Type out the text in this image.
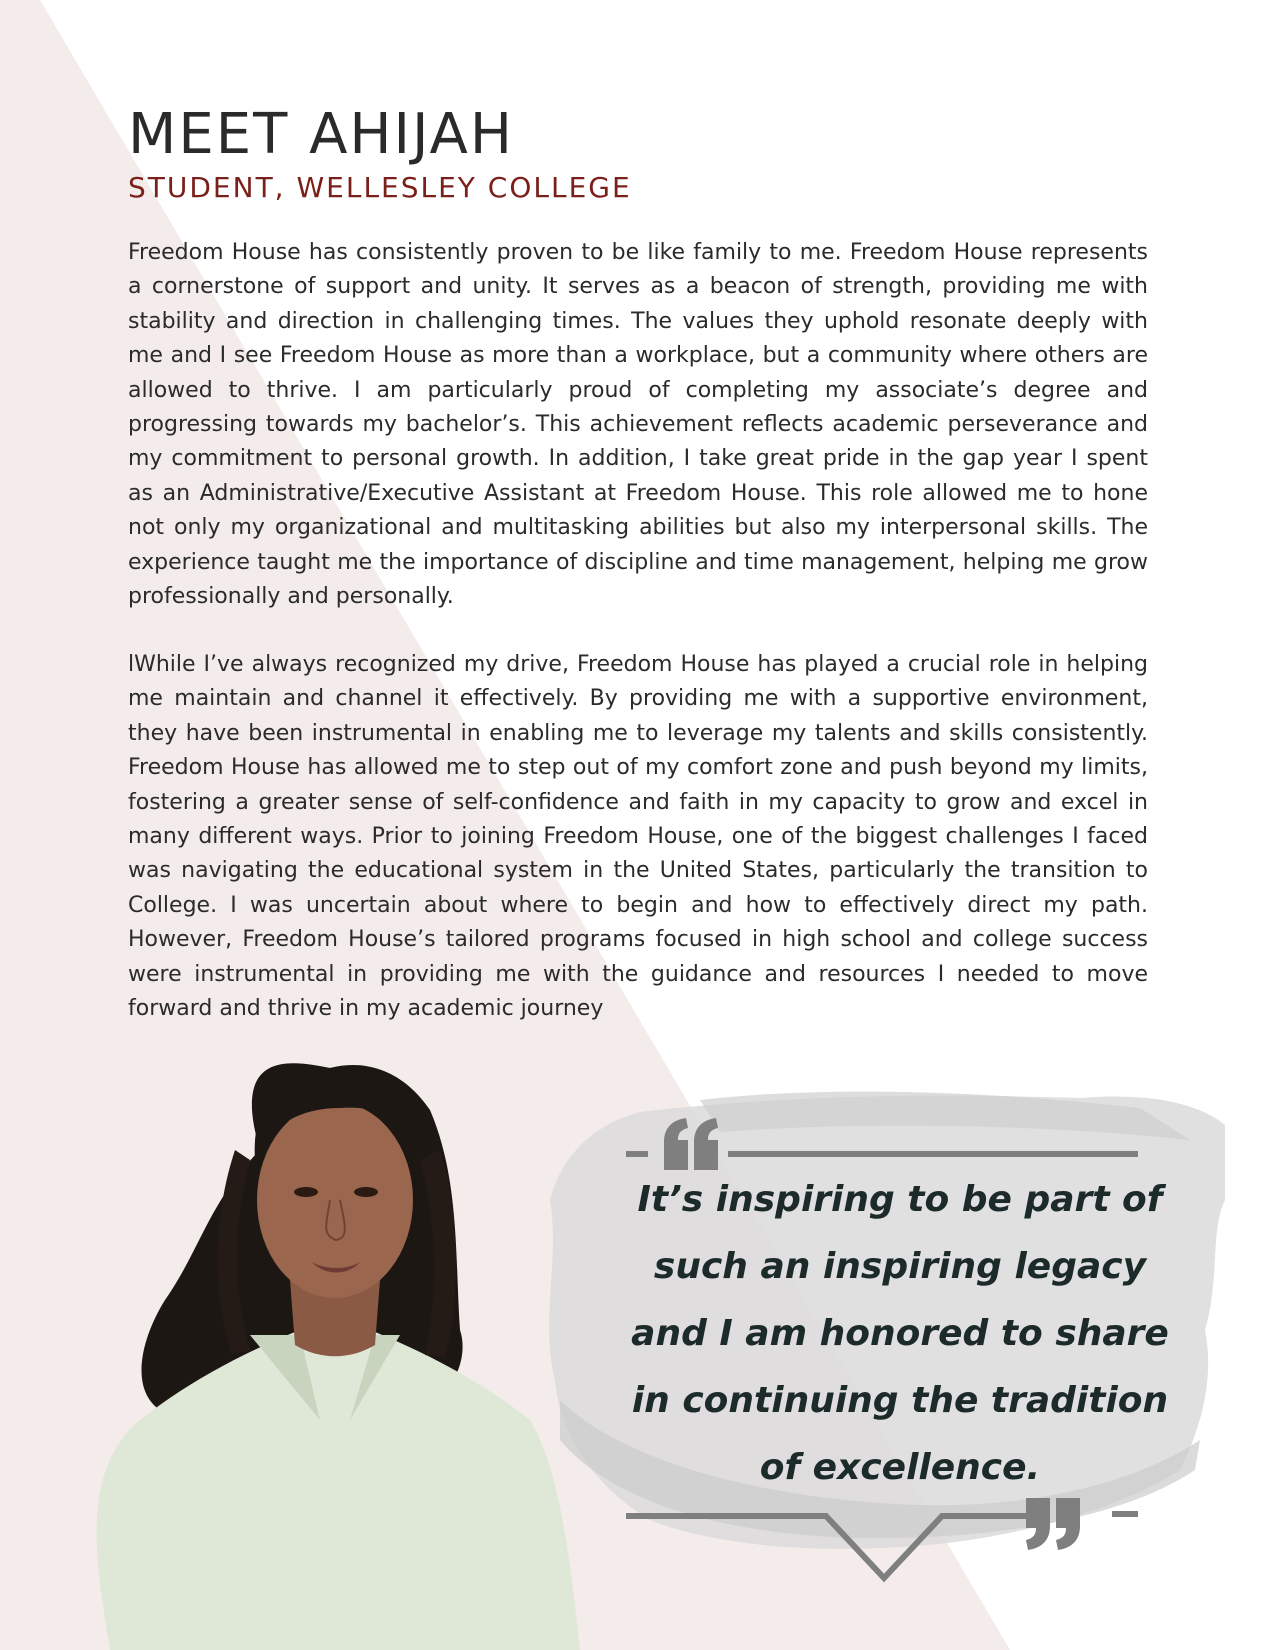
MEET AHIJAH
STUDENT, WELLESLEY COLLEGE

Freedom House has consistently proven to be like family to me. Freedom House represents a cornerstone of support and unity. It serves as a beacon of strength, providing me with stability and direction in challenging times. The values they uphold resonate deeply with me and I see Freedom House as more than a workplace, but a community where others are allowed to thrive. I am particularly proud of completing my associate’s degree and progressing towards my bachelor’s. This achievement reflects academic perseverance and my commitment to personal growth. In addition, I take great pride in the gap year I spent as an Administrative/Executive Assistant at Freedom House. This role allowed me to hone not only my organizational and multitasking abilities but also my interpersonal skills. The experience taught me the importance of discipline and time management, helping me grow professionally and personally.

lWhile I’ve always recognized my drive, Freedom House has played a crucial role in helping me maintain and channel it effectively. By providing me with a supportive environment, they have been instrumental in enabling me to leverage my talents and skills consistently. Freedom House has allowed me to step out of my comfort zone and push beyond my limits, fostering a greater sense of self-confidence and faith in my capacity to grow and excel in many different ways. Prior to joining Freedom House, one of the biggest challenges I faced was navigating the educational system in the United States, particularly the transition to College. I was uncertain about where to begin and how to effectively direct my path. However, Freedom House’s tailored programs focused in high school and college success were instrumental in providing me with the guidance and resources I needed to move forward and thrive in my academic journey

It’s inspiring to be part of such an inspiring legacy and I am honored to share in continuing the tradition of excellence.
